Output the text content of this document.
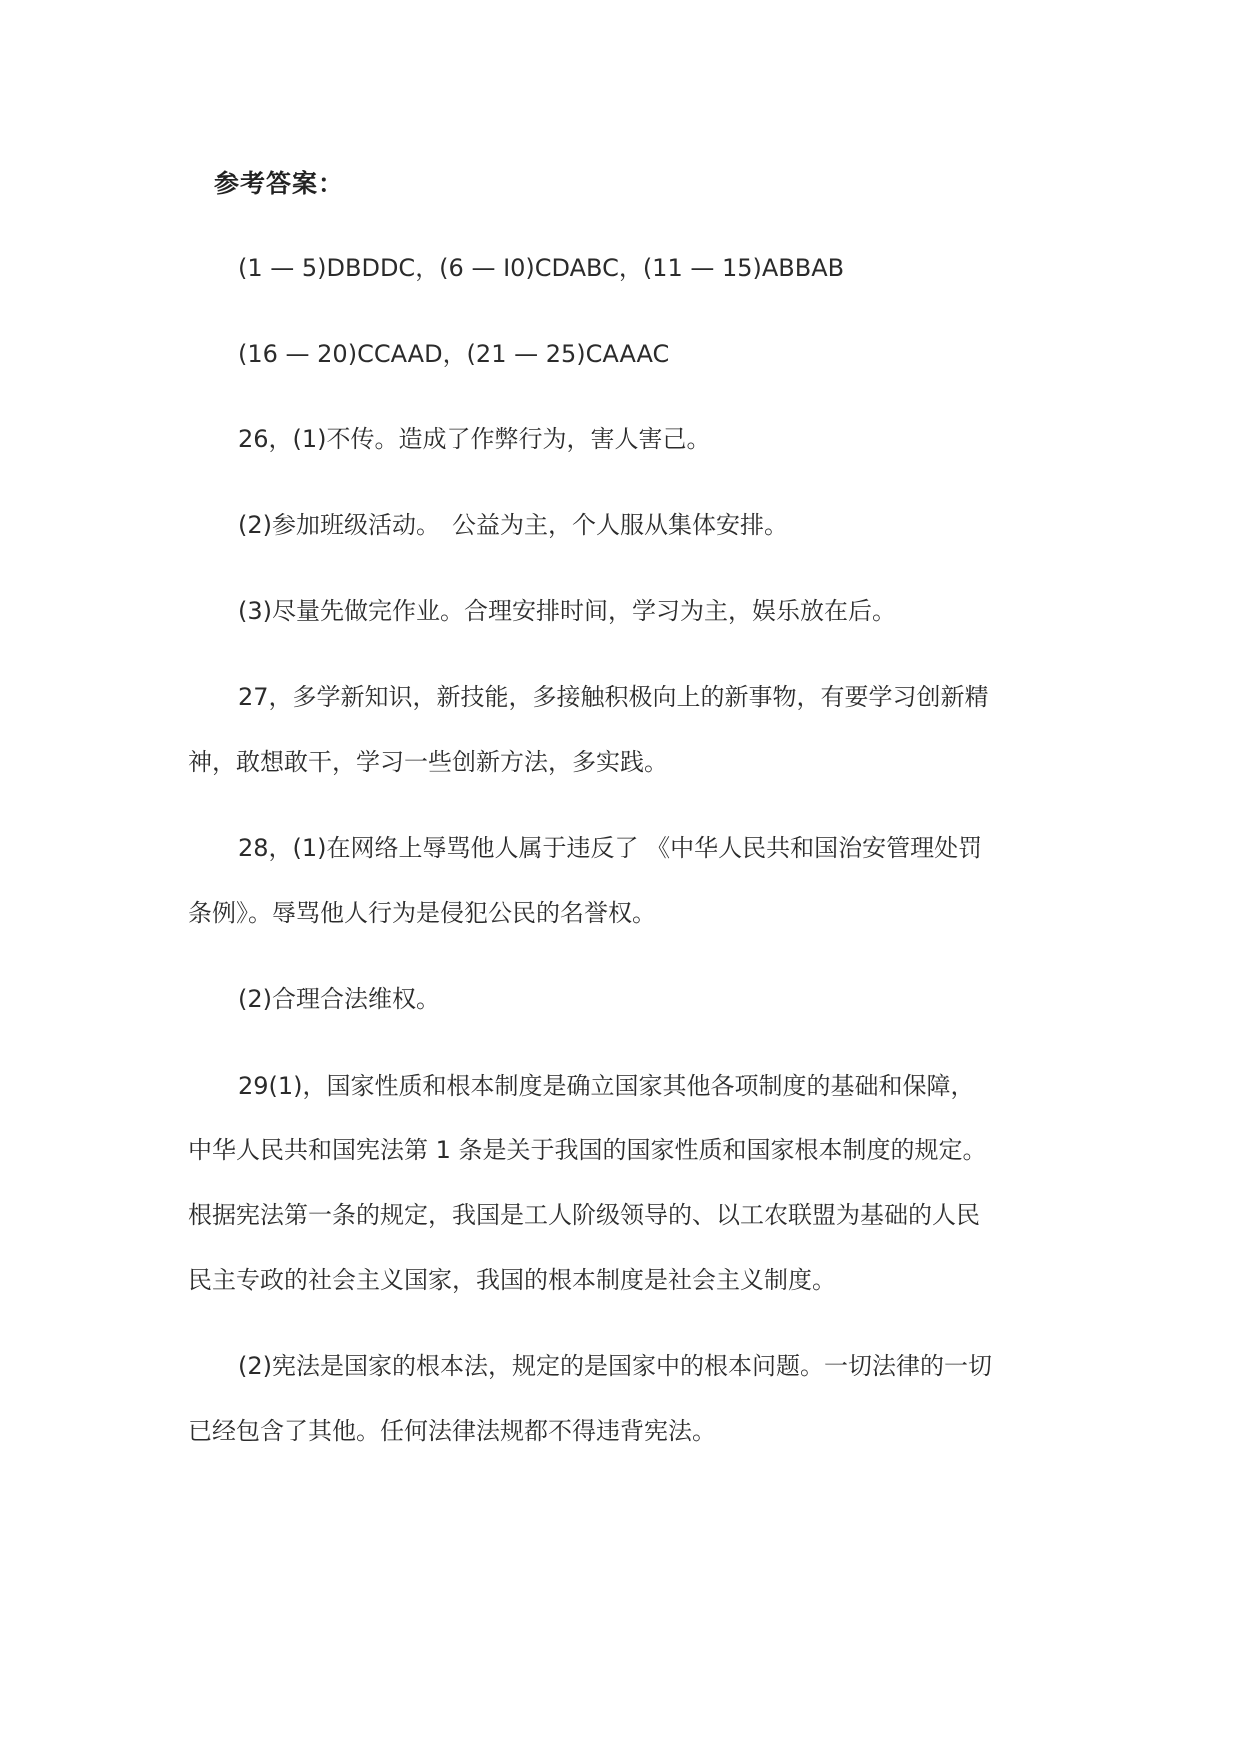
参考答案：
(1 — 5)DBDDC，(6 — I0)CDABC，(11 — 15)ABBAB
(16 — 20)CCAAD，(21 — 25)CAAAC
26，(1)不传。造成了作弊行为，害人害己。
(2)参加班级活动。　公益为主，个人服从集体安排。
(3)尽量先做完作业。合理安排时间，学习为主，娱乐放在后。
27，多学新知识，新技能，多接触积极向上的新事物，有要学习创新精
神，敢想敢干，学习一些创新方法，多实践。
28，(1)在网络上辱骂他人属于违反了 《中华人民共和国治安管理处罚
条例》。辱骂他人行为是侵犯公民的名誉权。
(2)合理合法维权。
29(1)，国家性质和根本制度是确立国家其他各项制度的基础和保障，
中华人民共和国宪法第 1 条是关于我国的国家性质和国家根本制度的规定。
根据宪法第一条的规定，我国是工人阶级领导的、以工农联盟为基础的人民
民主专政的社会主义国家，我国的根本制度是社会主义制度。
(2)宪法是国家的根本法，规定的是国家中的根本问题。一切法律的一切
已经包含了其他。任何法律法规都不得违背宪法。
